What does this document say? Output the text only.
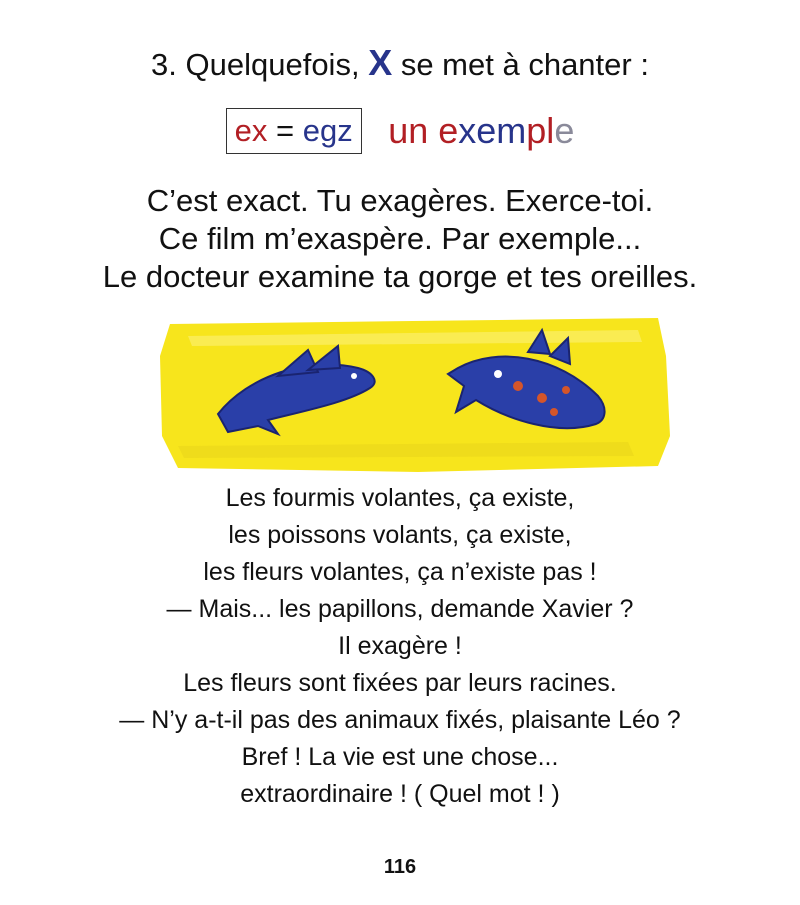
3. Quelquefois, X se met à chanter :
ex = egz un exemple
C’est exact. Tu exagères. Exerce-toi.
Ce film m’exaspère. Par exemple...
Le docteur examine ta gorge et tes oreilles.
Les fourmis volantes, ça existe,
les poissons volants, ça existe,
les fleurs volantes, ça n’existe pas !
— Mais... les papillons, demande Xavier ?
Il exagère !
Les fleurs sont fixées par leurs racines.
— N’y a-t-il pas des animaux fixés, plaisante Léo ?
Bref ! La vie est une chose...
extraordinaire ! ( Quel mot ! )
116
